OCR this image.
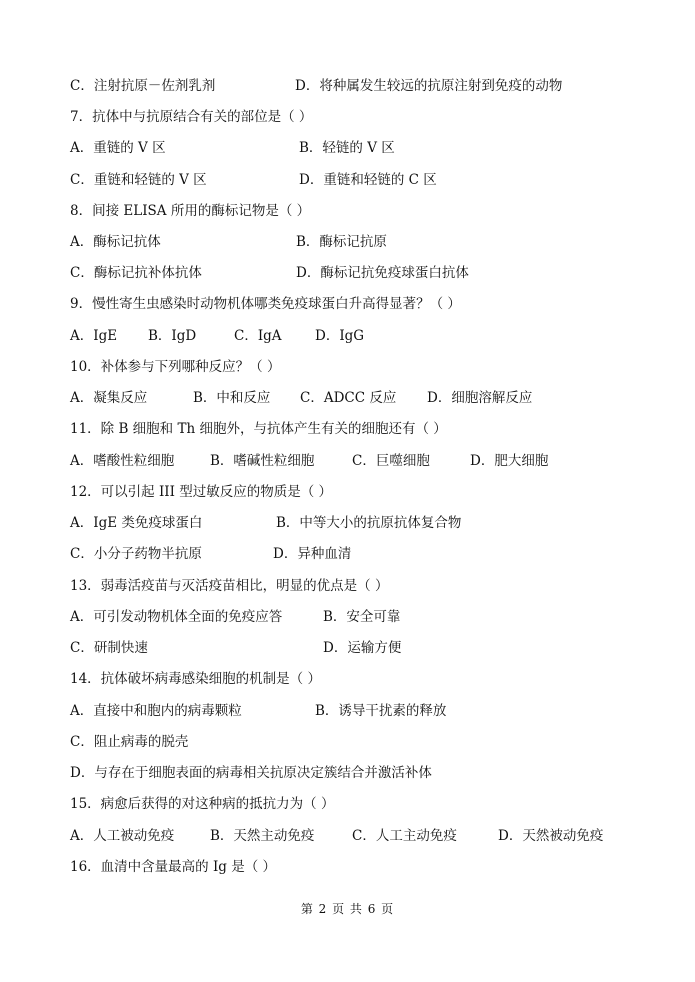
C．注射抗原－佐剂乳剂	D．将种属发生较远的抗原注射到免疫的动物
7．抗体中与抗原结合有关的部位是（ ）
A．重链的 V 区	B．轻链的 V 区
C．重链和轻链的 V 区	D．重链和轻链的 C 区
8．间接 ELISA 所用的酶标记物是（ ）
A．酶标记抗体	B．酶标记抗原
C．酶标记抗补体抗体	D．酶标记抗免疫球蛋白抗体
9．慢性寄生虫感染时动物机体哪类免疫球蛋白升高得显著？（ ）
A．IgE B．IgD	C．IgA D．IgG
10．补体参与下列哪种反应？（ ）
A．凝集反应	B．中和反应 C．ADCC 反应 D．细胞溶解反应
11．除 B 细胞和 Th 细胞外，与抗体产生有关的细胞还有（ ）
A．嗜酸性粒细胞	B．嗜碱性粒细胞	C．巨噬细胞	D．肥大细胞
12．可以引起 III 型过敏反应的物质是（ ）
A．IgE 类免疫球蛋白	B．中等大小的抗原抗体复合物
C．小分子药物半抗原	D．异种血清
13．弱毒活疫苗与灭活疫苗相比，明显的优点是（ ）
A．可引发动物机体全面的免疫应答	B．安全可靠
C．研制快速	D．运输方便
14．抗体破坏病毒感染细胞的机制是（ ）
A．直接中和胞内的病毒颗粒	B．诱导干扰素的释放
C．阻止病毒的脱壳
D．与存在于细胞表面的病毒相关抗原决定簇结合并激活补体
15．病愈后获得的对这种病的抵抗力为（ ）
A．人工被动免疫	B．天然主动免疫	C．人工主动免疫	D．天然被动免疫
16．血清中含量最高的 Ig 是（ ）
第 2 页 共 6 页
